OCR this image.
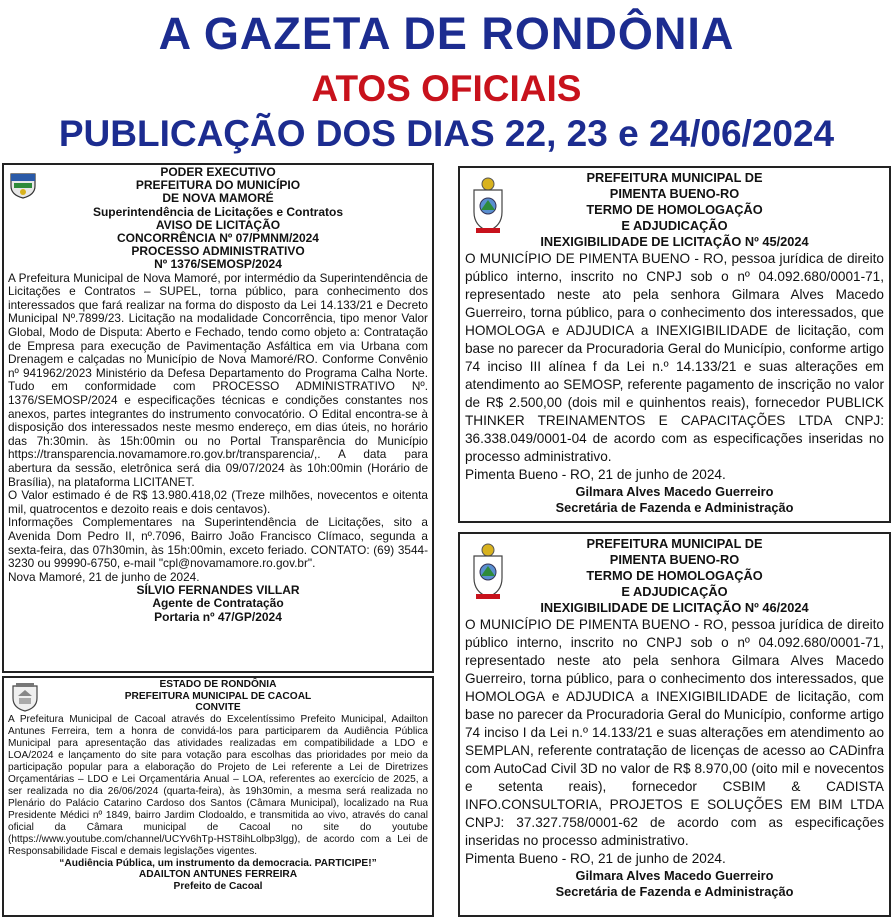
A GAZETA DE RONDÔNIA
ATOS OFICIAIS
PUBLICAÇÃO DOS DIAS 22, 23 e 24/06/2024
PODER EXECUTIVO
PREFEITURA DO MUNICÍPIO
DE NOVA MAMORÉ
Superintendência de Licitações e Contratos
AVISO DE LICITAÇÃO
CONCORRÊNCIA Nº 07/PMNM/2024
PROCESSO ADMINISTRATIVO
Nº 1376/SEMOSP/2024

A Prefeitura Municipal de Nova Mamoré, por intermédio da Superintendência de Licitações e Contratos – SUPEL, torna público, para conhecimento dos interessados que fará realizar na forma do disposto da Lei 14.133/21 e Decreto Municipal Nº.7899/23. Licitação na modalidade Concorrência, tipo menor Valor Global, Modo de Disputa: Aberto e Fechado, tendo como objeto a: Contratação de Empresa para execução de Pavimentação Asfáltica em via Urbana com Drenagem e calçadas no Município de Nova Mamoré/RO. Conforme Convênio nº 941962/2023 Ministério da Defesa Departamento do Programa Calha Norte. Tudo em conformidade com PROCESSO ADMINISTRATIVO Nº. 1376/SEMOSP/2024 e especificações técnicas e condições constantes nos anexos, partes integrantes do instrumento convocatório. O Edital encontra-se à disposição dos interessados neste mesmo endereço, em dias úteis, no horário das 7h:30min. às 15h:00min ou no Portal Transparência do Município https://transparencia.novamamore.ro.gov.br/transparencia/,. A data para abertura da sessão, eletrônica será dia 09/07/2024 às 10h:00min (Horário de Brasília), na plataforma LICITANET.

O Valor estimado é de R$ 13.980.418,02 (Treze milhões, novecentos e oitenta mil, quatrocentos e dezoito reais e dois centavos).

Informações Complementares na Superintendência de Licitações, sito a Avenida Dom Pedro II, nº.7096, Bairro João Francisco Clímaco, segunda a sexta-feira, das 07h30min, às 15h:00min, exceto feriado. CONTATO: (69) 3544-3230 ou 99990-6750, e-mail "cpl@novamamore.ro.gov.br".

Nova Mamoré, 21 de junho de 2024.

SÍLVIO FERNANDES VILLAR
Agente de Contratação
Portaria nº 47/GP/2024
ESTADO DE RONDÔNIA
PREFEITURA MUNICIPAL DE CACOAL
CONVITE

A Prefeitura Municipal de Cacoal através do Excelentíssimo Prefeito Municipal, Adailton Antunes Ferreira, tem a honra de convidá-los para participarem da Audiência Pública Municipal para apresentação das atividades realizadas em compatibilidade a LDO e LOA/2024 e lançamento do site para votação para escolhas das prioridades por meio da participação popular para a elaboração do Projeto de Lei referente a Lei de Diretrizes Orçamentárias – LDO e Lei Orçamentária Anual – LOA, referentes ao exercício de 2025, a ser realizada no dia 26/06/2024 (quarta-feira), às 19h30min, a mesma será realizada no Plenário do Palácio Catarino Cardoso dos Santos (Câmara Municipal), localizado na Rua Presidente Médici nº 1849, bairro Jardim Clodoaldo, e transmitida ao vivo, através do canal oficial da Câmara municipal de Cacoal no site do youtube (https://www.youtube.com/channel/UCYv6hTp-HST8ihLolbp3lgg), de acordo com a Lei de Responsabilidade Fiscal e demais legislações vigentes.

“Audiência Pública, um instrumento da democracia. PARTICIPE!”
ADAILTON ANTUNES FERREIRA
Prefeito de Cacoal
PREFEITURA MUNICIPAL DE
PIMENTA BUENO-RO
TERMO DE HOMOLOGAÇÃO
E ADJUDICAÇÃO
INEXIGIBILIDADE DE LICITAÇÃO Nº 45/2024

O MUNICÍPIO DE PIMENTA BUENO - RO, pessoa jurídica de direito público interno, inscrito no CNPJ sob o nº 04.092.680/0001-71, representado neste ato pela senhora Gilmara Alves Macedo Guerreiro, torna público, para o conhecimento dos interessados, que HOMOLOGA e ADJUDICA a INEXIGIBILIDADE de licitação, com base no parecer da Procuradoria Geral do Município, conforme artigo 74 inciso III alínea f da Lei n.º 14.133/21 e suas alterações em atendimento ao SEMOSP, referente pagamento de inscrição no valor de R$ 2.500,00 (dois mil e quinhentos reais), fornecedor PUBLICK THINKER TREINAMENTOS E CAPACITAÇÕES LTDA CNPJ: 36.338.049/0001-04 de acordo com as especificações inseridas no processo administrativo.

Pimenta Bueno - RO, 21 de junho de 2024.

Gilmara Alves Macedo Guerreiro
Secretária de Fazenda e Administração
PREFEITURA MUNICIPAL DE
PIMENTA BUENO-RO
TERMO DE HOMOLOGAÇÃO
E ADJUDICAÇÃO
INEXIGIBILIDADE DE LICITAÇÃO Nº 46/2024

O MUNICÍPIO DE PIMENTA BUENO - RO, pessoa jurídica de direito público interno, inscrito no CNPJ sob o nº 04.092.680/0001-71, representado neste ato pela senhora Gilmara Alves Macedo Guerreiro, torna público, para o conhecimento dos interessados, que HOMOLOGA e ADJUDICA a INEXIGIBILIDADE de licitação, com base no parecer da Procuradoria Geral do Município, conforme artigo 74 inciso I da Lei n.º 14.133/21 e suas alterações em atendimento ao SEMPLAN, referente contratação de licenças de acesso ao CADinfra com AutoCad Civil 3D no valor de R$ 8.970,00 (oito mil e novecentos e setenta reais), fornecedor CSBIM & CADISTA INFO.CONSULTORIA, PROJETOS E SOLUÇÕES EM BIM LTDA CNPJ: 37.327.758/0001-62 de acordo com as especificações inseridas no processo administrativo.

Pimenta Bueno - RO, 21 de junho de 2024.

Gilmara Alves Macedo Guerreiro
Secretária de Fazenda e Administração
